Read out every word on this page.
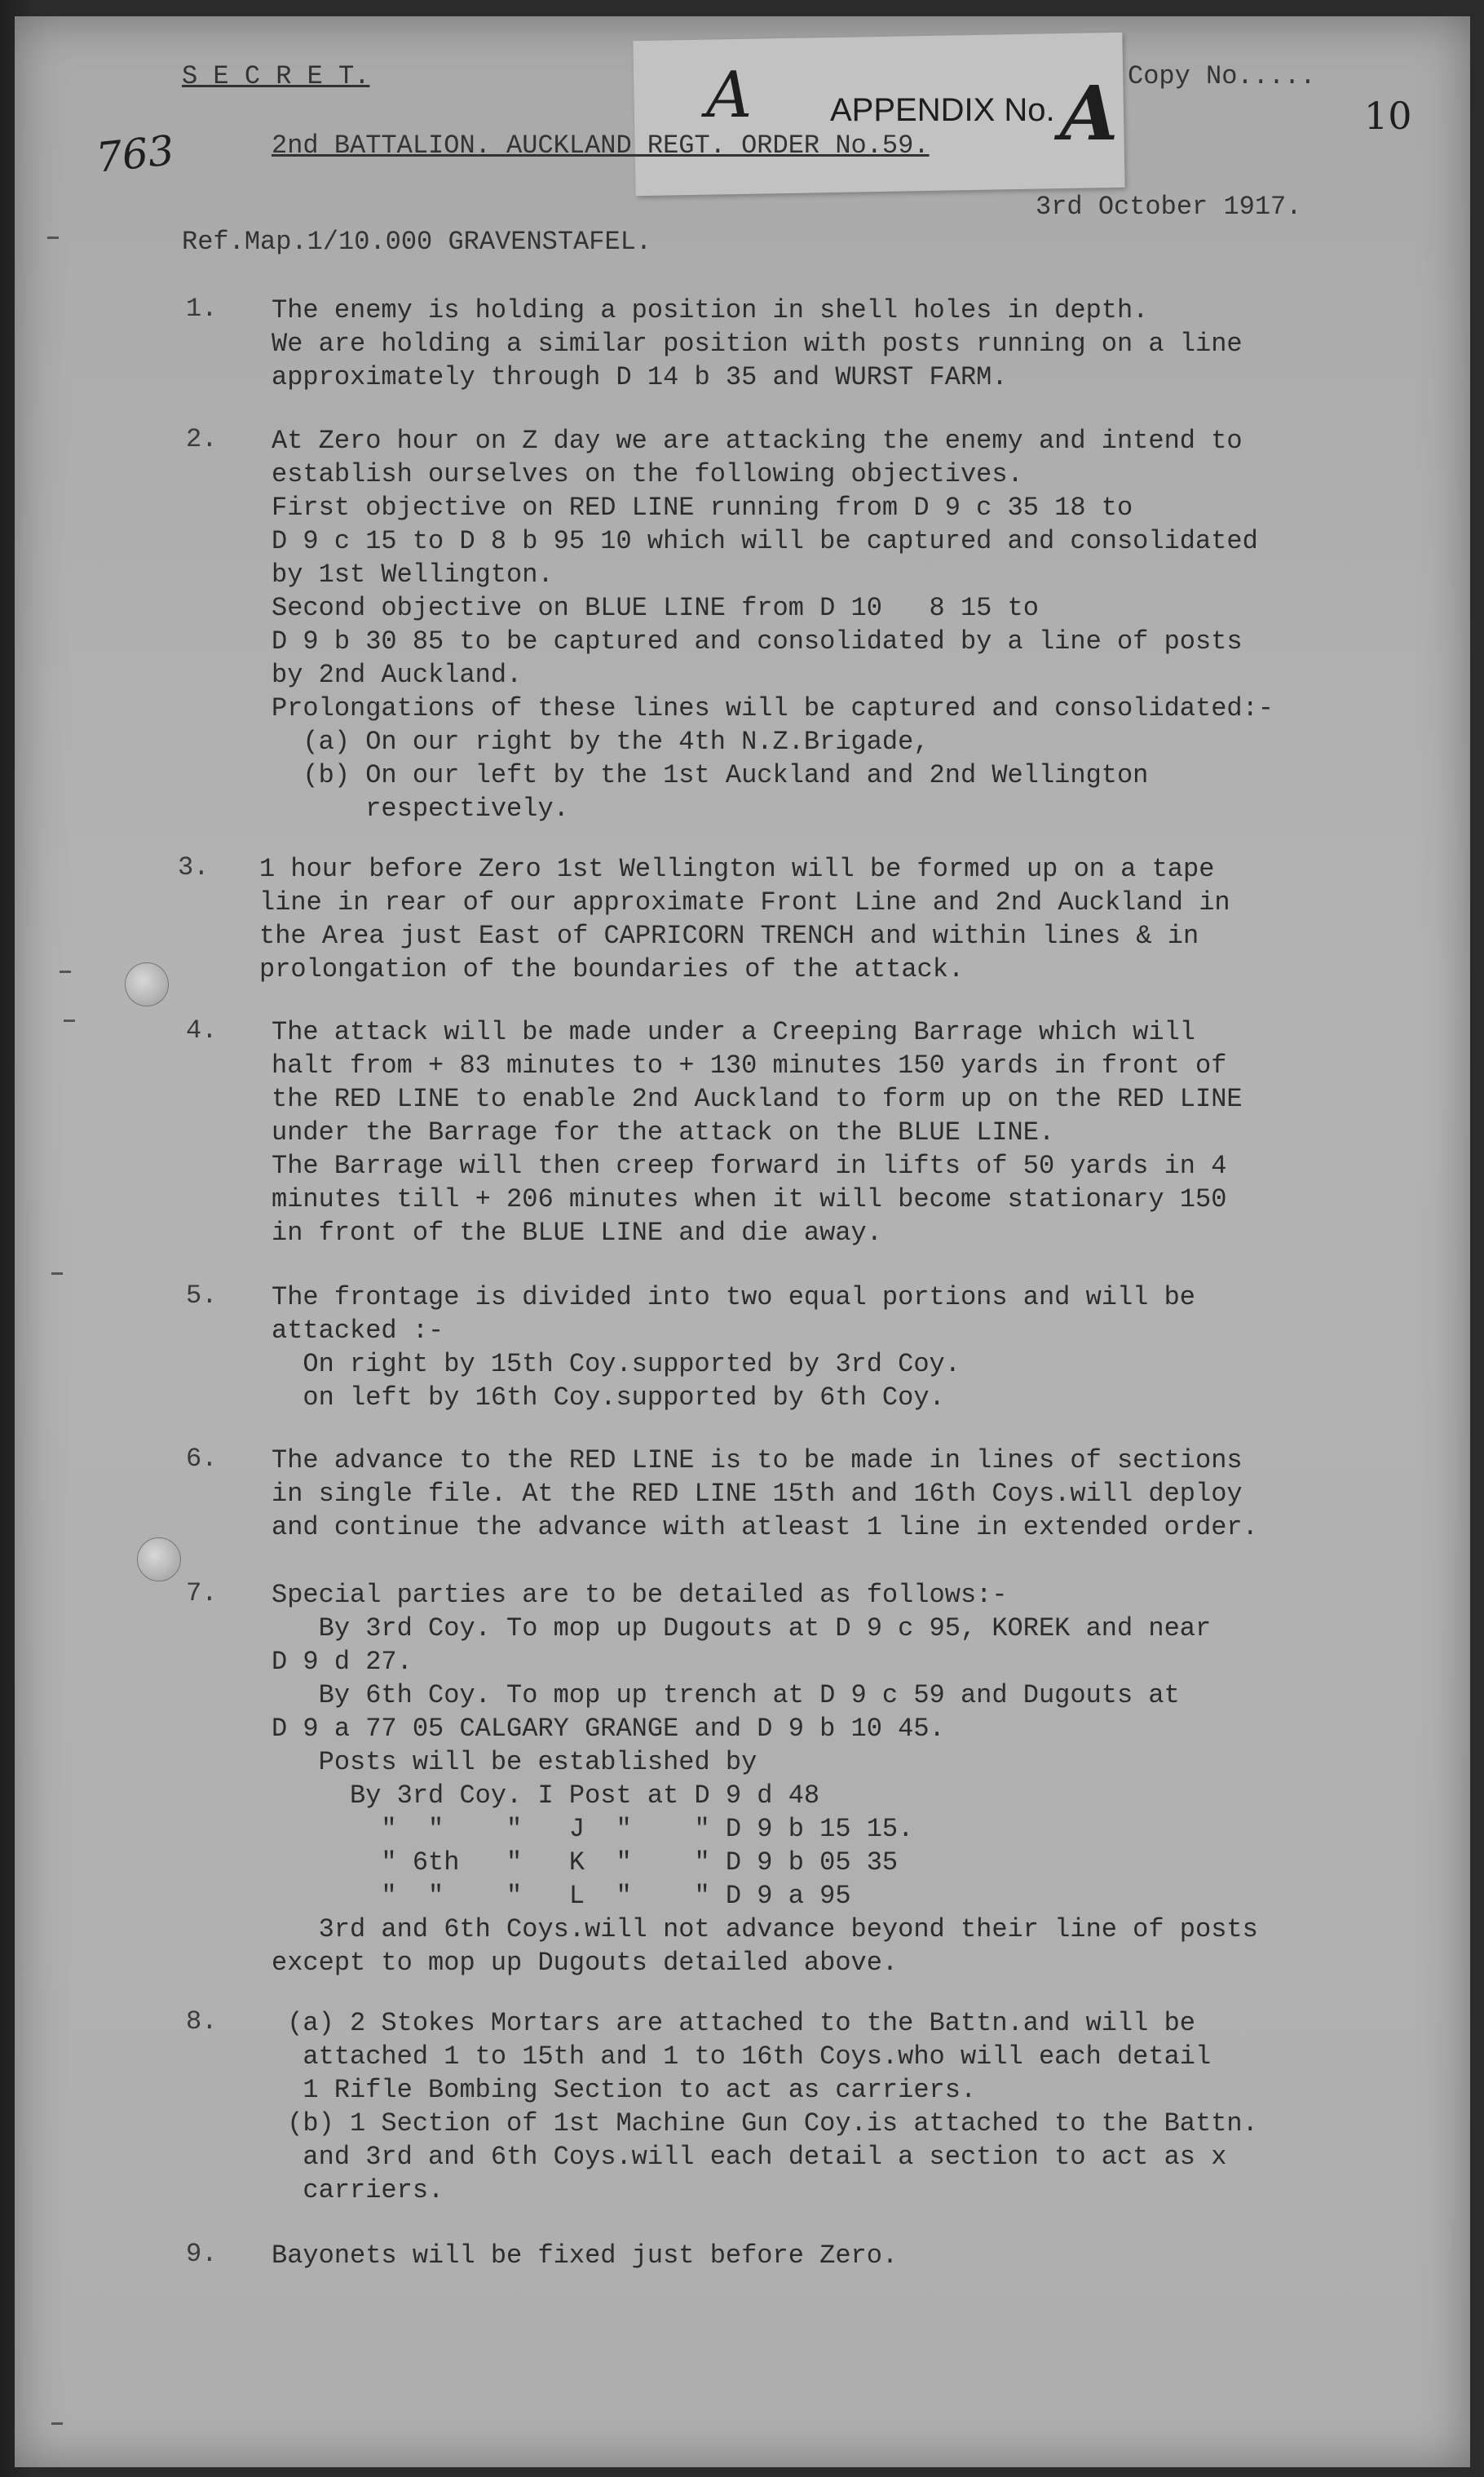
S E C R E T.	Copy No.....
10
A APPENDIX No. A
763	2nd BATTALION. AUCKLAND REGT. ORDER No.59.
3rd October 1917.
Ref.Map.1/10.000 GRAVENSTAFEL.
1.	The enemy is holding a position in shell holes in depth.
We are holding a similar position with posts running on a line
approximately through D 14 b 35 and WURST FARM.
2.	At Zero hour on Z day we are attacking the enemy and intend to
establish ourselves on the following objectives.
First objective on RED LINE running from D 9 c 35 18 to
D 9 c 15 to D 8 b 95 10 which will be captured and consolidated
by 1st Wellington.
Second objective on BLUE LINE from D 10   8 15 to
D 9 b 30 85 to be captured and consolidated by a line of posts
by 2nd Auckland.
Prolongations of these lines will be captured and consolidated:-
(a) On our right by the 4th N.Z.Brigade,
(b) On our left by the 1st Auckland and 2nd Wellington
respectively.
3.	1 hour before Zero 1st Wellington will be formed up on a tape
line in rear of our approximate Front Line and 2nd Auckland in
the Area just East of CAPRICORN TRENCH and within lines & in
prolongation of the boundaries of the attack.
4.	The attack will be made under a Creeping Barrage which will
halt from + 83 minutes to + 130 minutes 150 yards in front of
the RED LINE to enable 2nd Auckland to form up on the RED LINE
under the Barrage for the attack on the BLUE LINE.
The Barrage will then creep forward in lifts of 50 yards in 4
minutes till + 206 minutes when it will become stationary 150
in front of the BLUE LINE and die away.
5.	The frontage is divided into two equal portions and will be
attacked :-
On right by 15th Coy.supported by 3rd Coy.
on left by 16th Coy.supported by 6th Coy.
6.	The advance to the RED LINE is to be made in lines of sections
in single file. At the RED LINE 15th and 16th Coys.will deploy
and continue the advance with atleast 1 line in extended order.
7.	Special parties are to be detailed as follows:-
By 3rd Coy. To mop up Dugouts at D 9 c 95, KOREK and near
D 9 d 27.
By 6th Coy. To mop up trench at D 9 c 59 and Dugouts at
D 9 a 77 05 CALGARY GRANGE and D 9 b 10 45.
Posts will be established by
By 3rd Coy. I Post at D 9 d 48
"  "    "   J  "    " D 9 b 15 15.
" 6th   "   K  "    " D 9 b 05 35
"  "    "   L  "    " D 9 a 95
3rd and 6th Coys.will not advance beyond their line of posts
except to mop up Dugouts detailed above.
8.	(a) 2 Stokes Mortars are attached to the Battn.and will be
attached 1 to 15th and 1 to 16th Coys.who will each detail
1 Rifle Bombing Section to act as carriers.
(b) 1 Section of 1st Machine Gun Coy.is attached to the Battn.
and 3rd and 6th Coys.will each detail a section to act as x
carriers.
9.	Bayonets will be fixed just before Zero.
